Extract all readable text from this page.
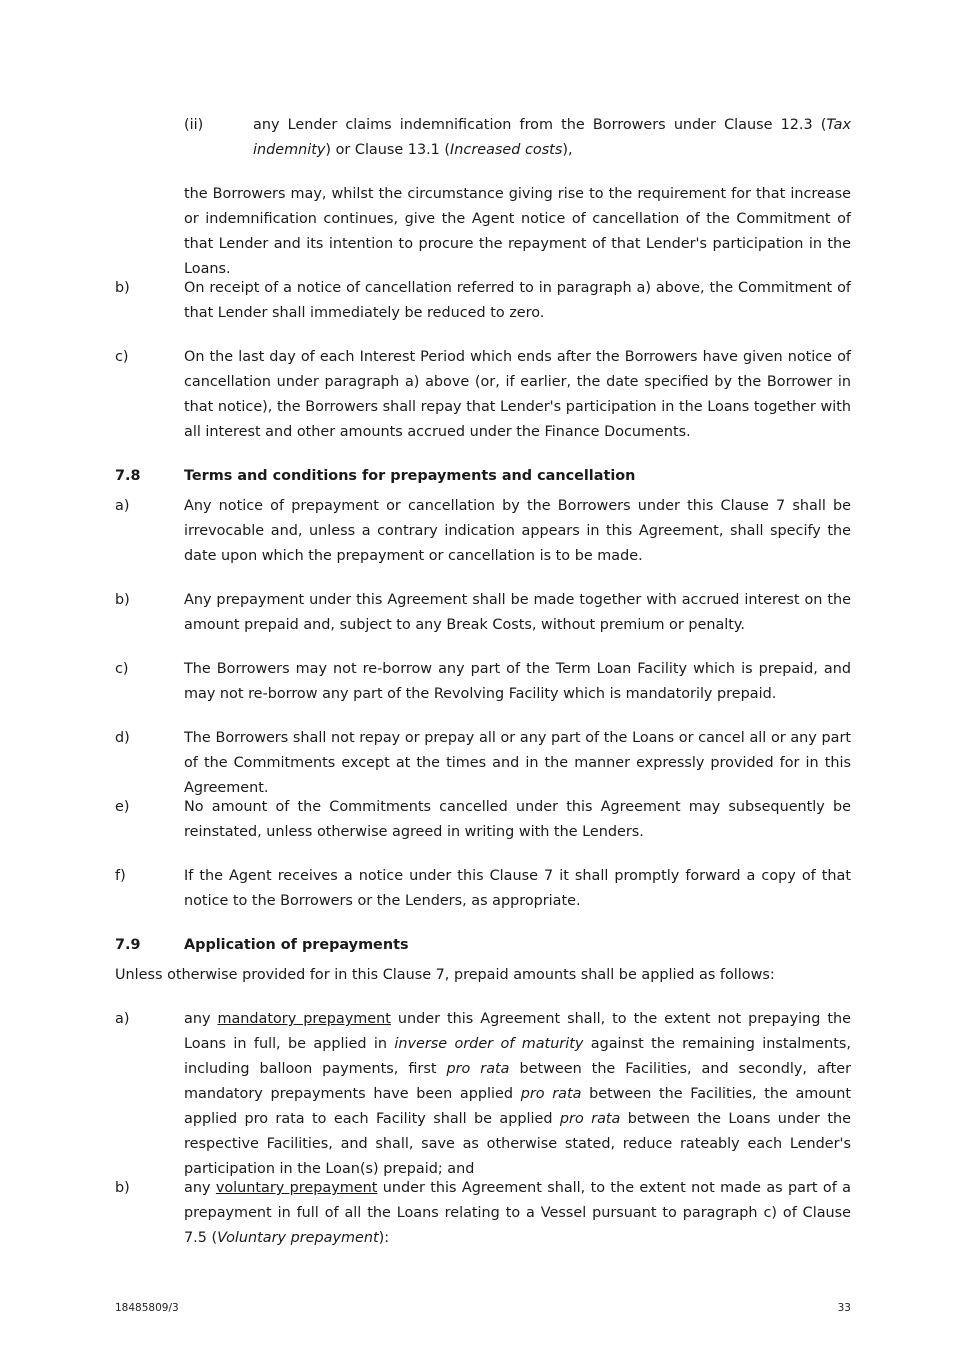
(ii)	any Lender claims indemnification from the Borrowers under Clause 12.3 (Tax indemnity) or Clause 13.1 (Increased costs),
the Borrowers may, whilst the circumstance giving rise to the requirement for that increase or indemnification continues, give the Agent notice of cancellation of the Commitment of that Lender and its intention to procure the repayment of that Lender's participation in the Loans.
b)	On receipt of a notice of cancellation referred to in paragraph a) above, the Commitment of that Lender shall immediately be reduced to zero.
c)	On the last day of each Interest Period which ends after the Borrowers have given notice of cancellation under paragraph a) above (or, if earlier, the date specified by the Borrower in that notice), the Borrowers shall repay that Lender's participation in the Loans together with all interest and other amounts accrued under the Finance Documents.
7.8	Terms and conditions for prepayments and cancellation
a)	Any notice of prepayment or cancellation by the Borrowers under this Clause 7 shall be irrevocable and, unless a contrary indication appears in this Agreement, shall specify the date upon which the prepayment or cancellation is to be made.
b)	Any prepayment under this Agreement shall be made together with accrued interest on the amount prepaid and, subject to any Break Costs, without premium or penalty.
c)	The Borrowers may not re-borrow any part of the Term Loan Facility which is prepaid, and may not re-borrow any part of the Revolving Facility which is mandatorily prepaid.
d)	The Borrowers shall not repay or prepay all or any part of the Loans or cancel all or any part of the Commitments except at the times and in the manner expressly provided for in this Agreement.
e)	No amount of the Commitments cancelled under this Agreement may subsequently be reinstated, unless otherwise agreed in writing with the Lenders.
f)	If the Agent receives a notice under this Clause 7 it shall promptly forward a copy of that notice to the Borrowers or the Lenders, as appropriate.
7.9	Application of prepayments
Unless otherwise provided for in this Clause 7, prepaid amounts shall be applied as follows:
a)	any mandatory prepayment under this Agreement shall, to the extent not prepaying the Loans in full, be applied in inverse order of maturity against the remaining instalments, including balloon payments, first pro rata between the Facilities, and secondly, after mandatory prepayments have been applied pro rata between the Facilities, the amount applied pro rata to each Facility shall be applied pro rata between the Loans under the respective Facilities, and shall, save as otherwise stated, reduce rateably each Lender's participation in the Loan(s) prepaid; and
b)	any voluntary prepayment under this Agreement shall, to the extent not made as part of a prepayment in full of all the Loans relating to a Vessel pursuant to paragraph c) of Clause 7.5 (Voluntary prepayment):
18485809/3	33
